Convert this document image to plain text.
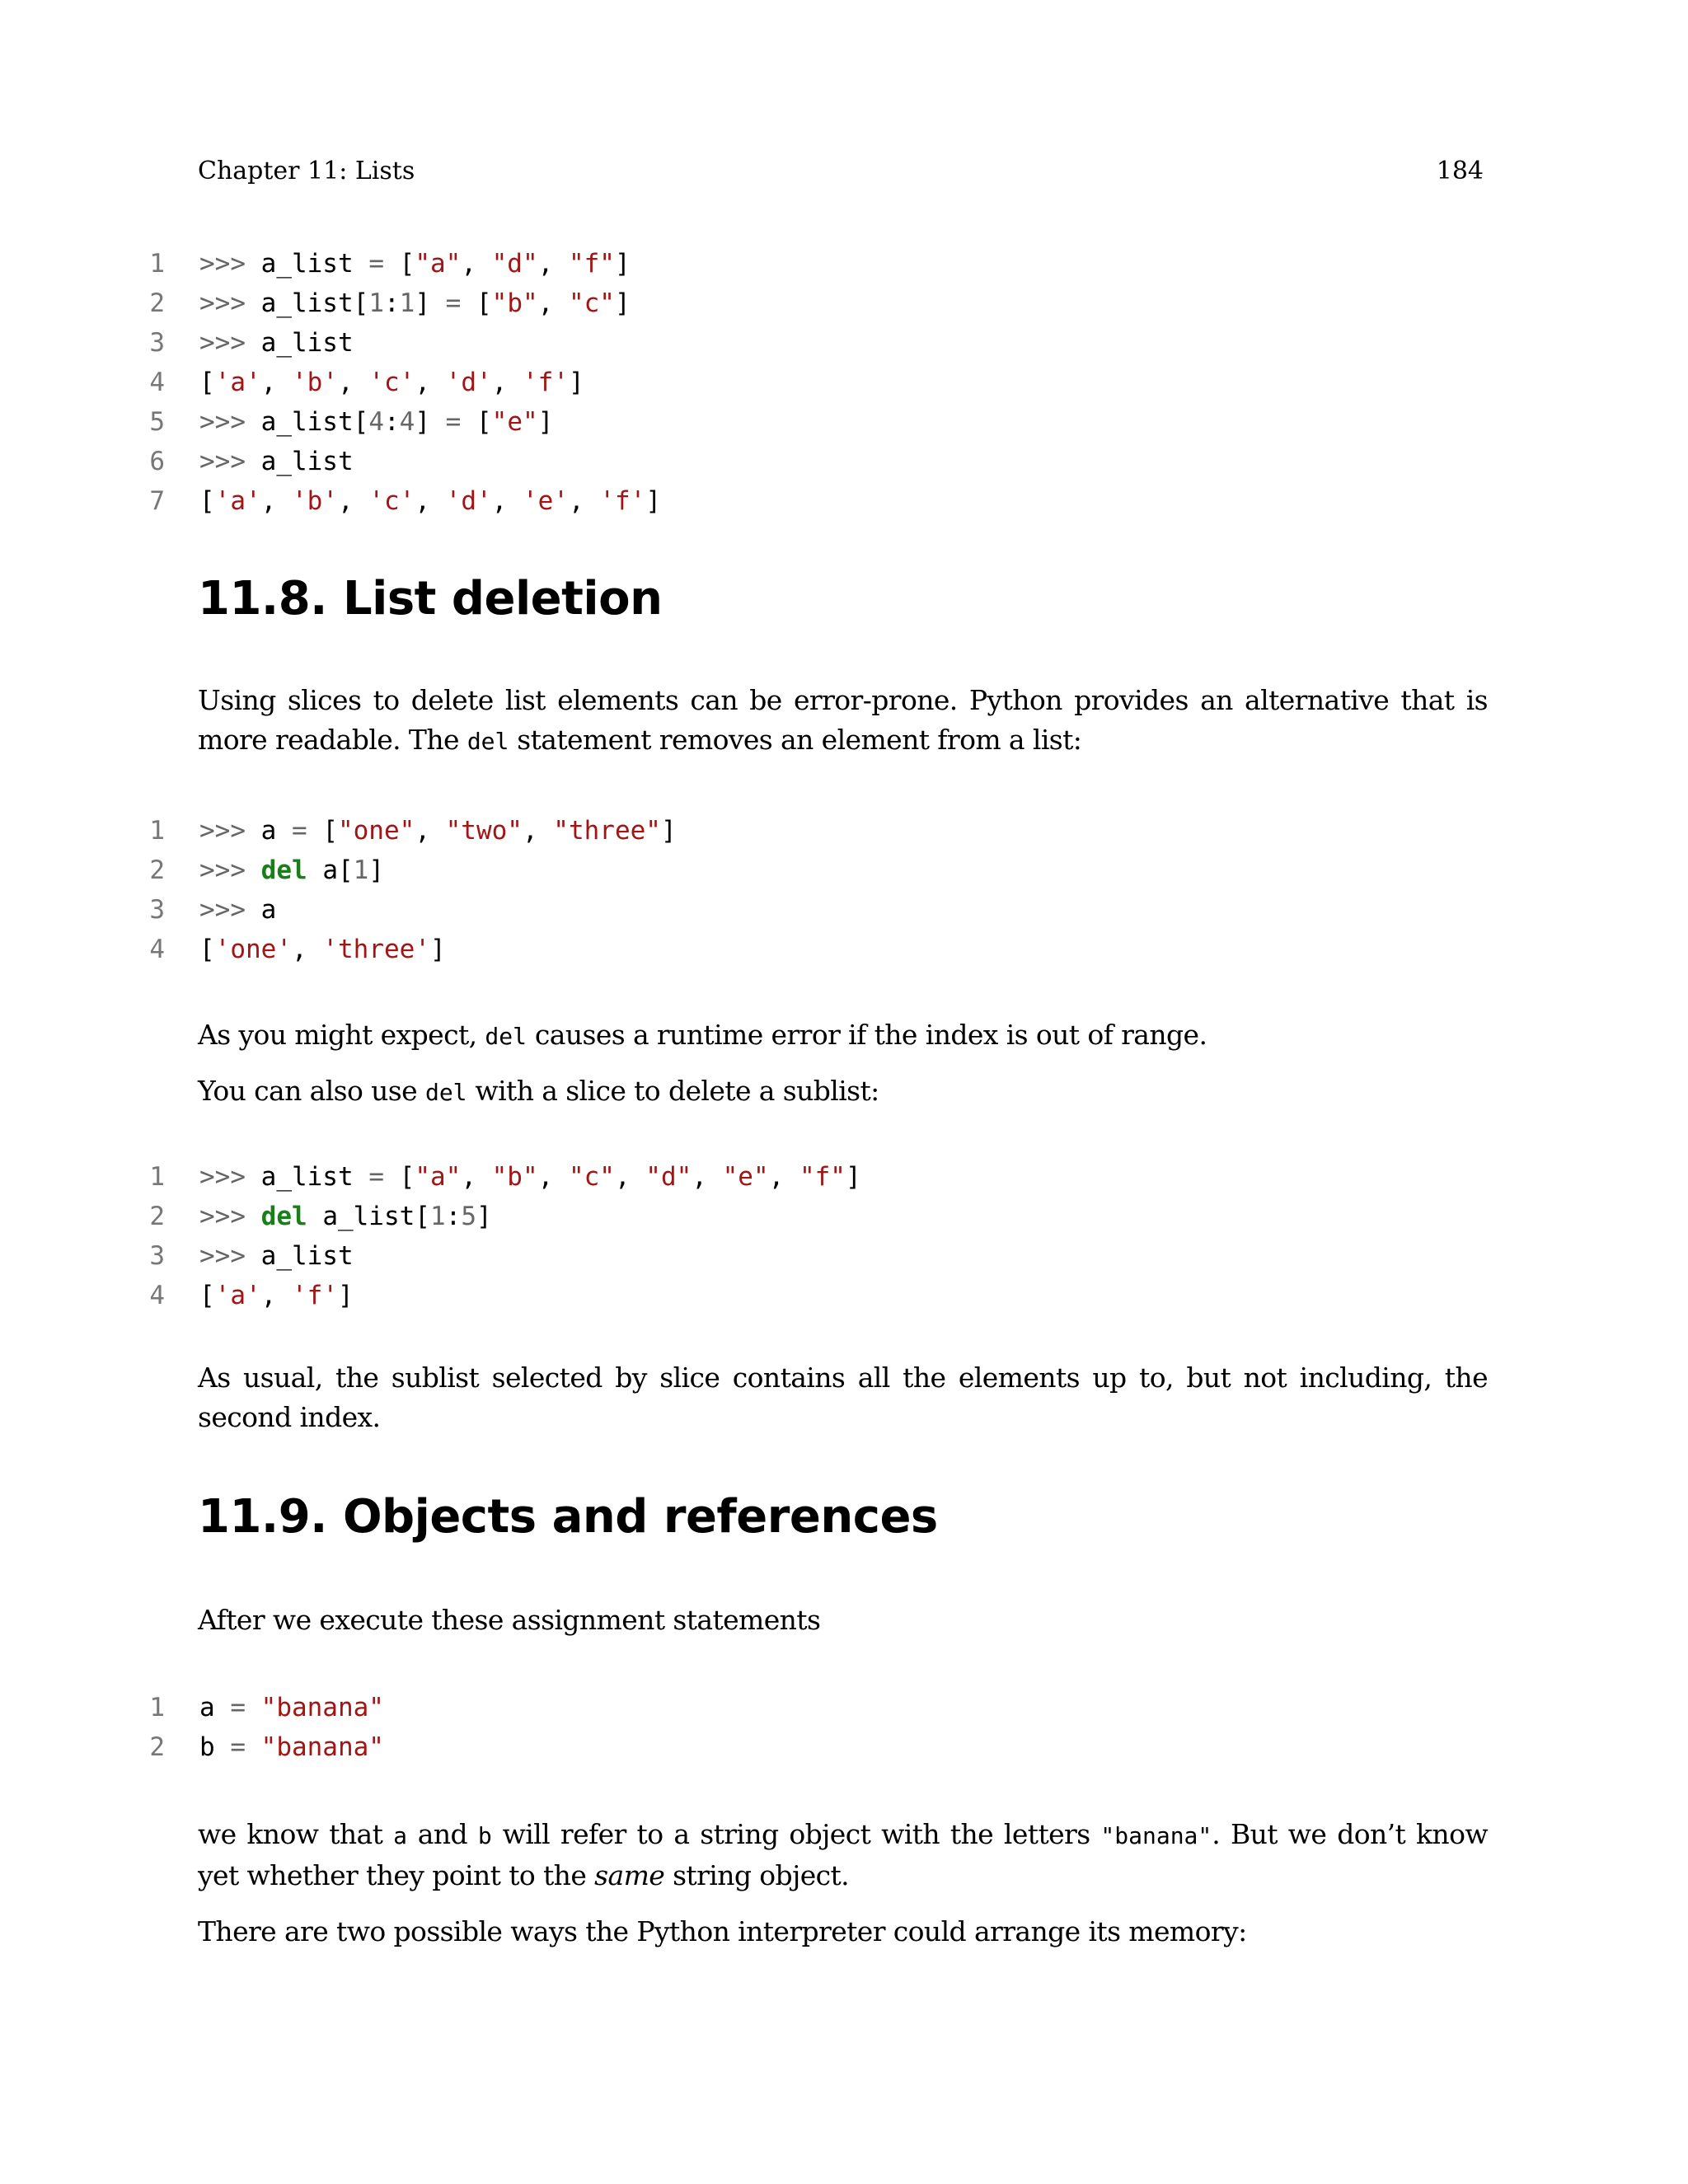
Chapter 11: Lists	184
1 >>> a_list = ["a", "d", "f"]
2 >>> a_list[1:1] = ["b", "c"]
3 >>> a_list
4 ['a', 'b', 'c', 'd', 'f']
5 >>> a_list[4:4] = ["e"]
6 >>> a_list
7 ['a', 'b', 'c', 'd', 'e', 'f']
11.8. List deletion

Using slices to delete list elements can be error-prone. Python provides an alternative that is more readable. The del statement removes an element from a list:

1 >>> a = ["one", "two", "three"]
2 >>> del a[1]
3 >>> a
4 ['one', 'three']

As you might expect, del causes a runtime error if the index is out of range.

You can also use del with a slice to delete a sublist:

1 >>> a_list = ["a", "b", "c", "d", "e", "f"]
2 >>> del a_list[1:5]
3 >>> a_list
4 ['a', 'f']

As usual, the sublist selected by slice contains all the elements up to, but not including, the second index.

11.9. Objects and references

After we execute these assignment statements

1 a = "banana"
2 b = "banana"

we know that a and b will refer to a string object with the letters "banana". But we don’t know yet whether they point to the same string object.

There are two possible ways the Python interpreter could arrange its memory:
